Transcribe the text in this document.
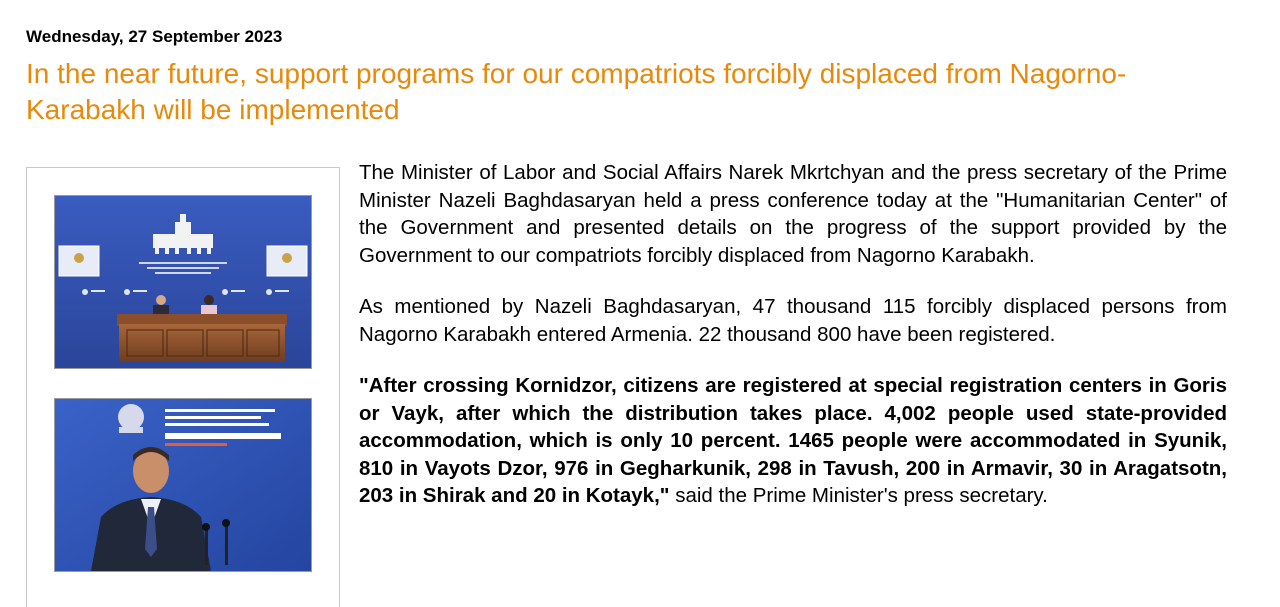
Wednesday, 27 September 2023
In the near future, support programs for our compatriots forcibly displaced from Nagorno-Karabakh will be implemented

The Minister of Labor and Social Affairs Narek Mkrtchyan and the press secretary of the Prime Minister Nazeli Baghdasaryan held a press conference today at the "Humanitarian Center" of the Government and presented details on the progress of the support provided by the Government to our compatriots forcibly displaced from Nagorno Karabakh.

As mentioned by Nazeli Baghdasaryan, 47 thousand 115 forcibly displaced persons from Nagorno Karabakh entered Armenia. 22 thousand 800 have been registered.

"After crossing Kornidzor, citizens are registered at special registration centers in Goris or Vayk, after which the distribution takes place. 4,002 people used state-provided accommodation, which is only 10 percent. 1465 people were accommodated in Syunik, 810 in Vayots Dzor, 976 in Gegharkunik, 298 in Tavush, 200 in Armavir, 30 in Aragatsotn, 203 in Shirak and 20 in Kotayk," said the Prime Minister's press secretary.
